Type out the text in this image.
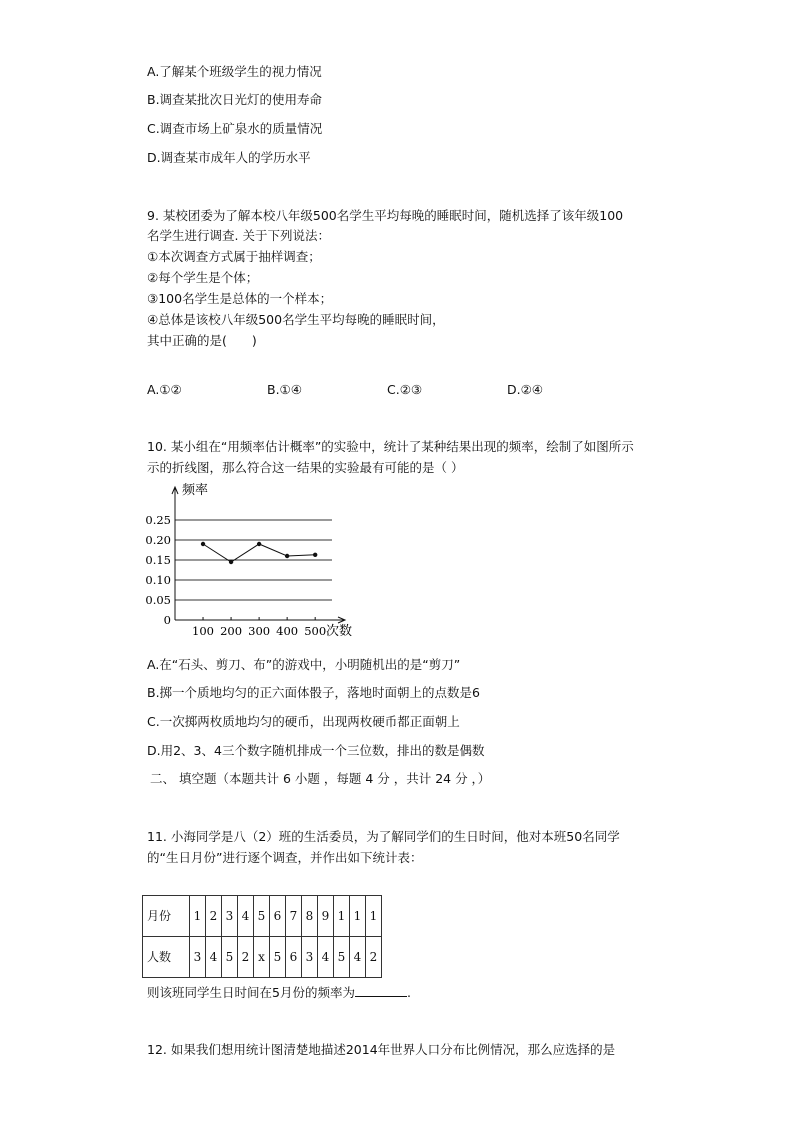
A.了解某个班级学生的视力情况
B.调查某批次日光灯的使用寿命
C.调查市场上矿泉水的质量情况
D.调查某市成年人的学历水平
9. 某校团委为了解本校八年级500名学生平均每晚的睡眠时间，随机选择了该年级100
名学生进行调查. 关于下列说法：
①本次调查方式属于抽样调查；
②每个学生是个体；
③100名学生是总体的一个样本；
④总体是该校八年级500名学生平均每晚的睡眠时间，
其中正确的是(　　)
A.①②	B.①④	C.②③	D.②④
10. 某小组在“用频率估计概率”的实验中，统计了某种结果出现的频率，绘制了如图所示
示的折线图，那么符合这一结果的实验最有可能的是（ ）
0.25
0.20
0.15
0.10
0.05
0
100 200 300 400 500
频率
次数
A.在“石头、剪刀、布”的游戏中，小明随机出的是“剪刀”
B.掷一个质地均匀的正六面体骰子，落地时面朝上的点数是6
C.一次掷两枚质地均匀的硬币，出现两枚硬币都正面朝上
D.用2、3、4三个数字随机排成一个三位数，排出的数是偶数
二、 填空题（本题共计 6 小题 ，每题 4 分 ，共计 24 分 ，）
11. 小海同学是八（2）班的生活委员，为了解同学们的生日时间，他对本班50名同学
的“生日月份”进行逐个调查，并作出如下统计表：
月份	1	2	3	4	5	6	7	8	9	1	1	1
人数	3	4	5	2	x	5	6	3	4	5	4	2
则该班同学生日时间在5月份的频率为	.
12. 如果我们想用统计图清楚地描述2014年世界人口分布比例情况，那么应选择的是
